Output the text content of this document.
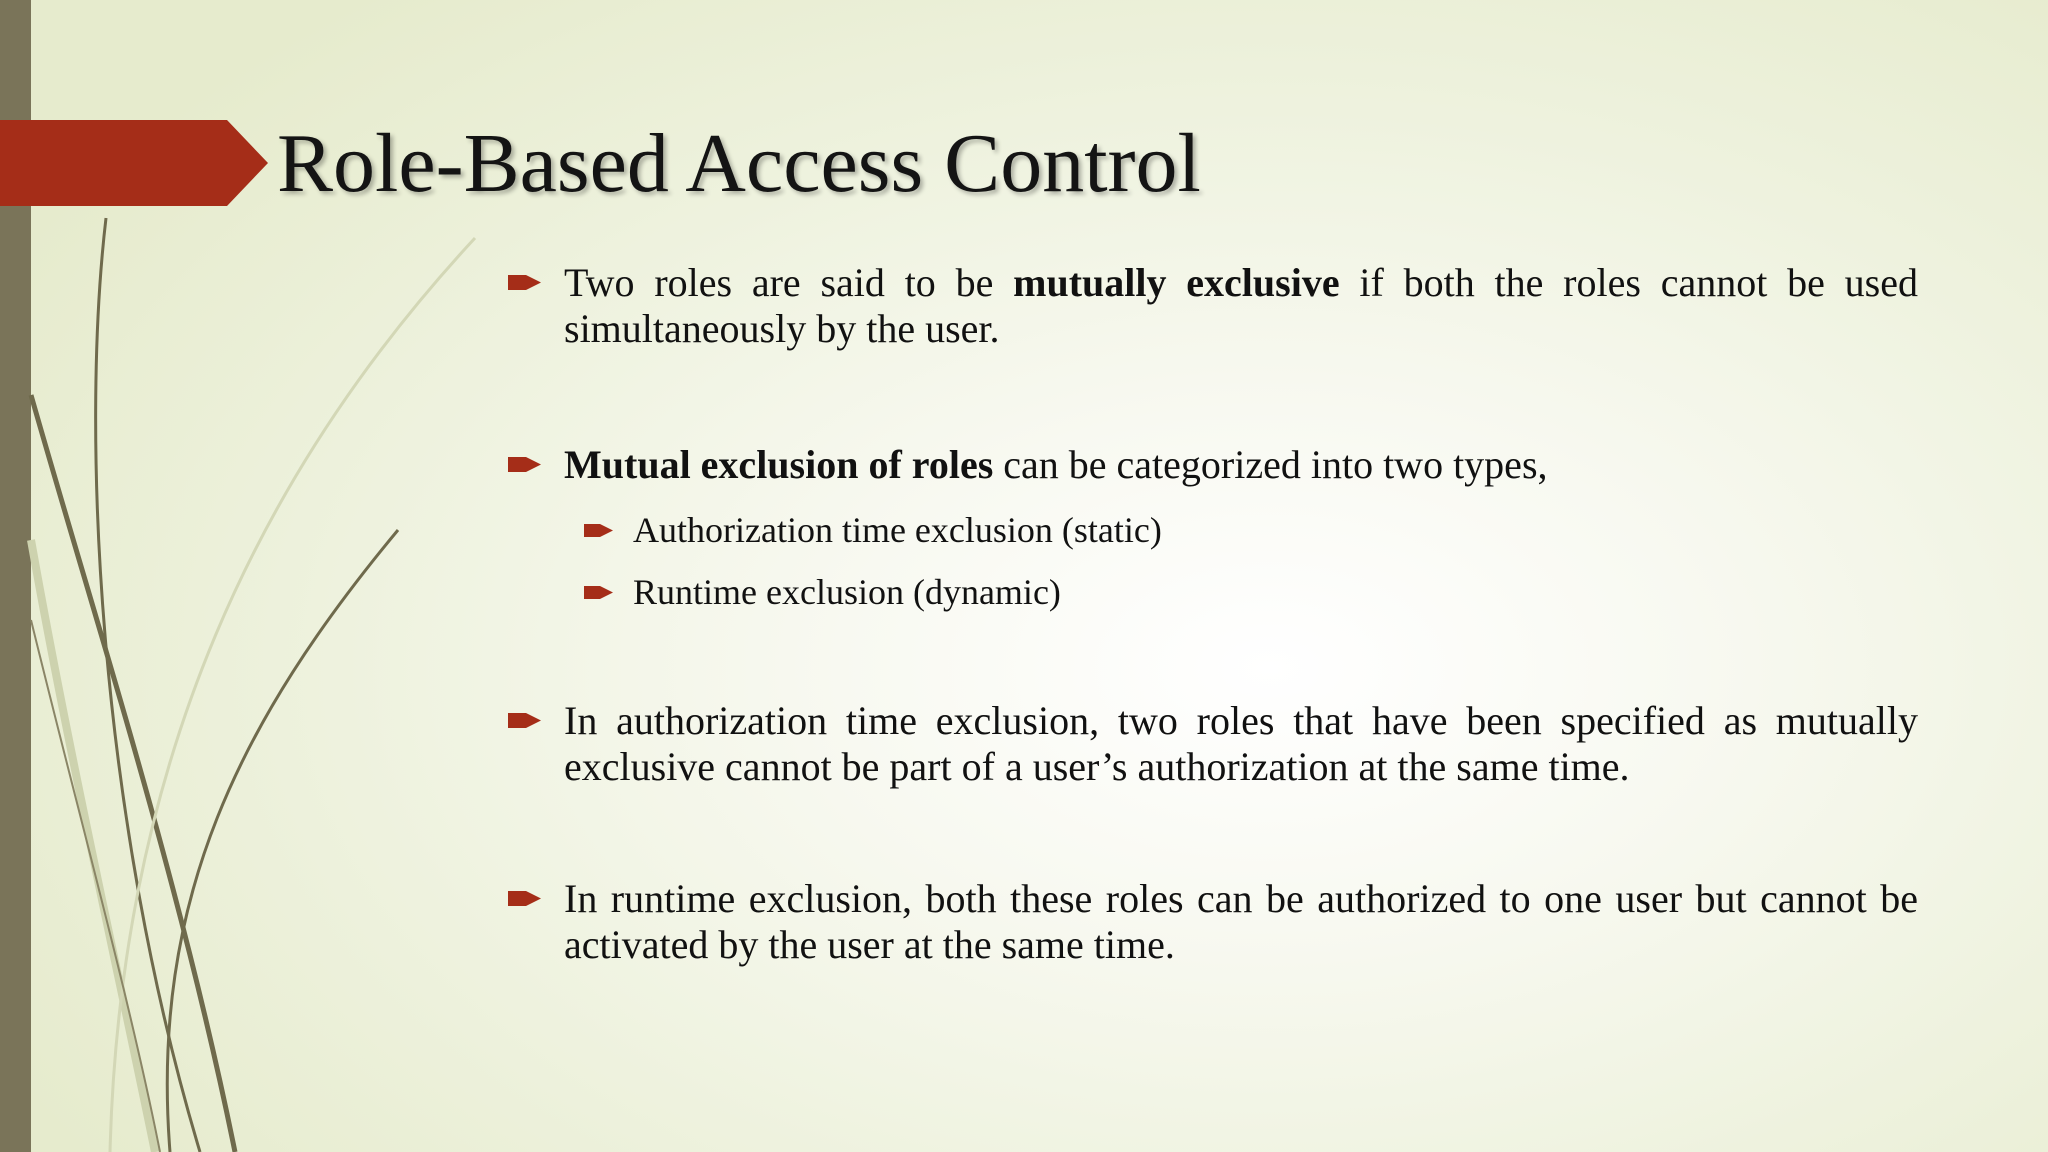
Role-Based Access Control
Two roles are said to be mutually exclusive if both the roles cannot be used simultaneously by the user.
Mutual exclusion of roles can be categorized into two types,
Authorization time exclusion (static)
Runtime exclusion (dynamic)
In authorization time exclusion, two roles that have been specified as mutually exclusive cannot be part of a user’s authorization at the same time.
In runtime exclusion, both these roles can be authorized to one user but cannot be activated by the user at the same time.
